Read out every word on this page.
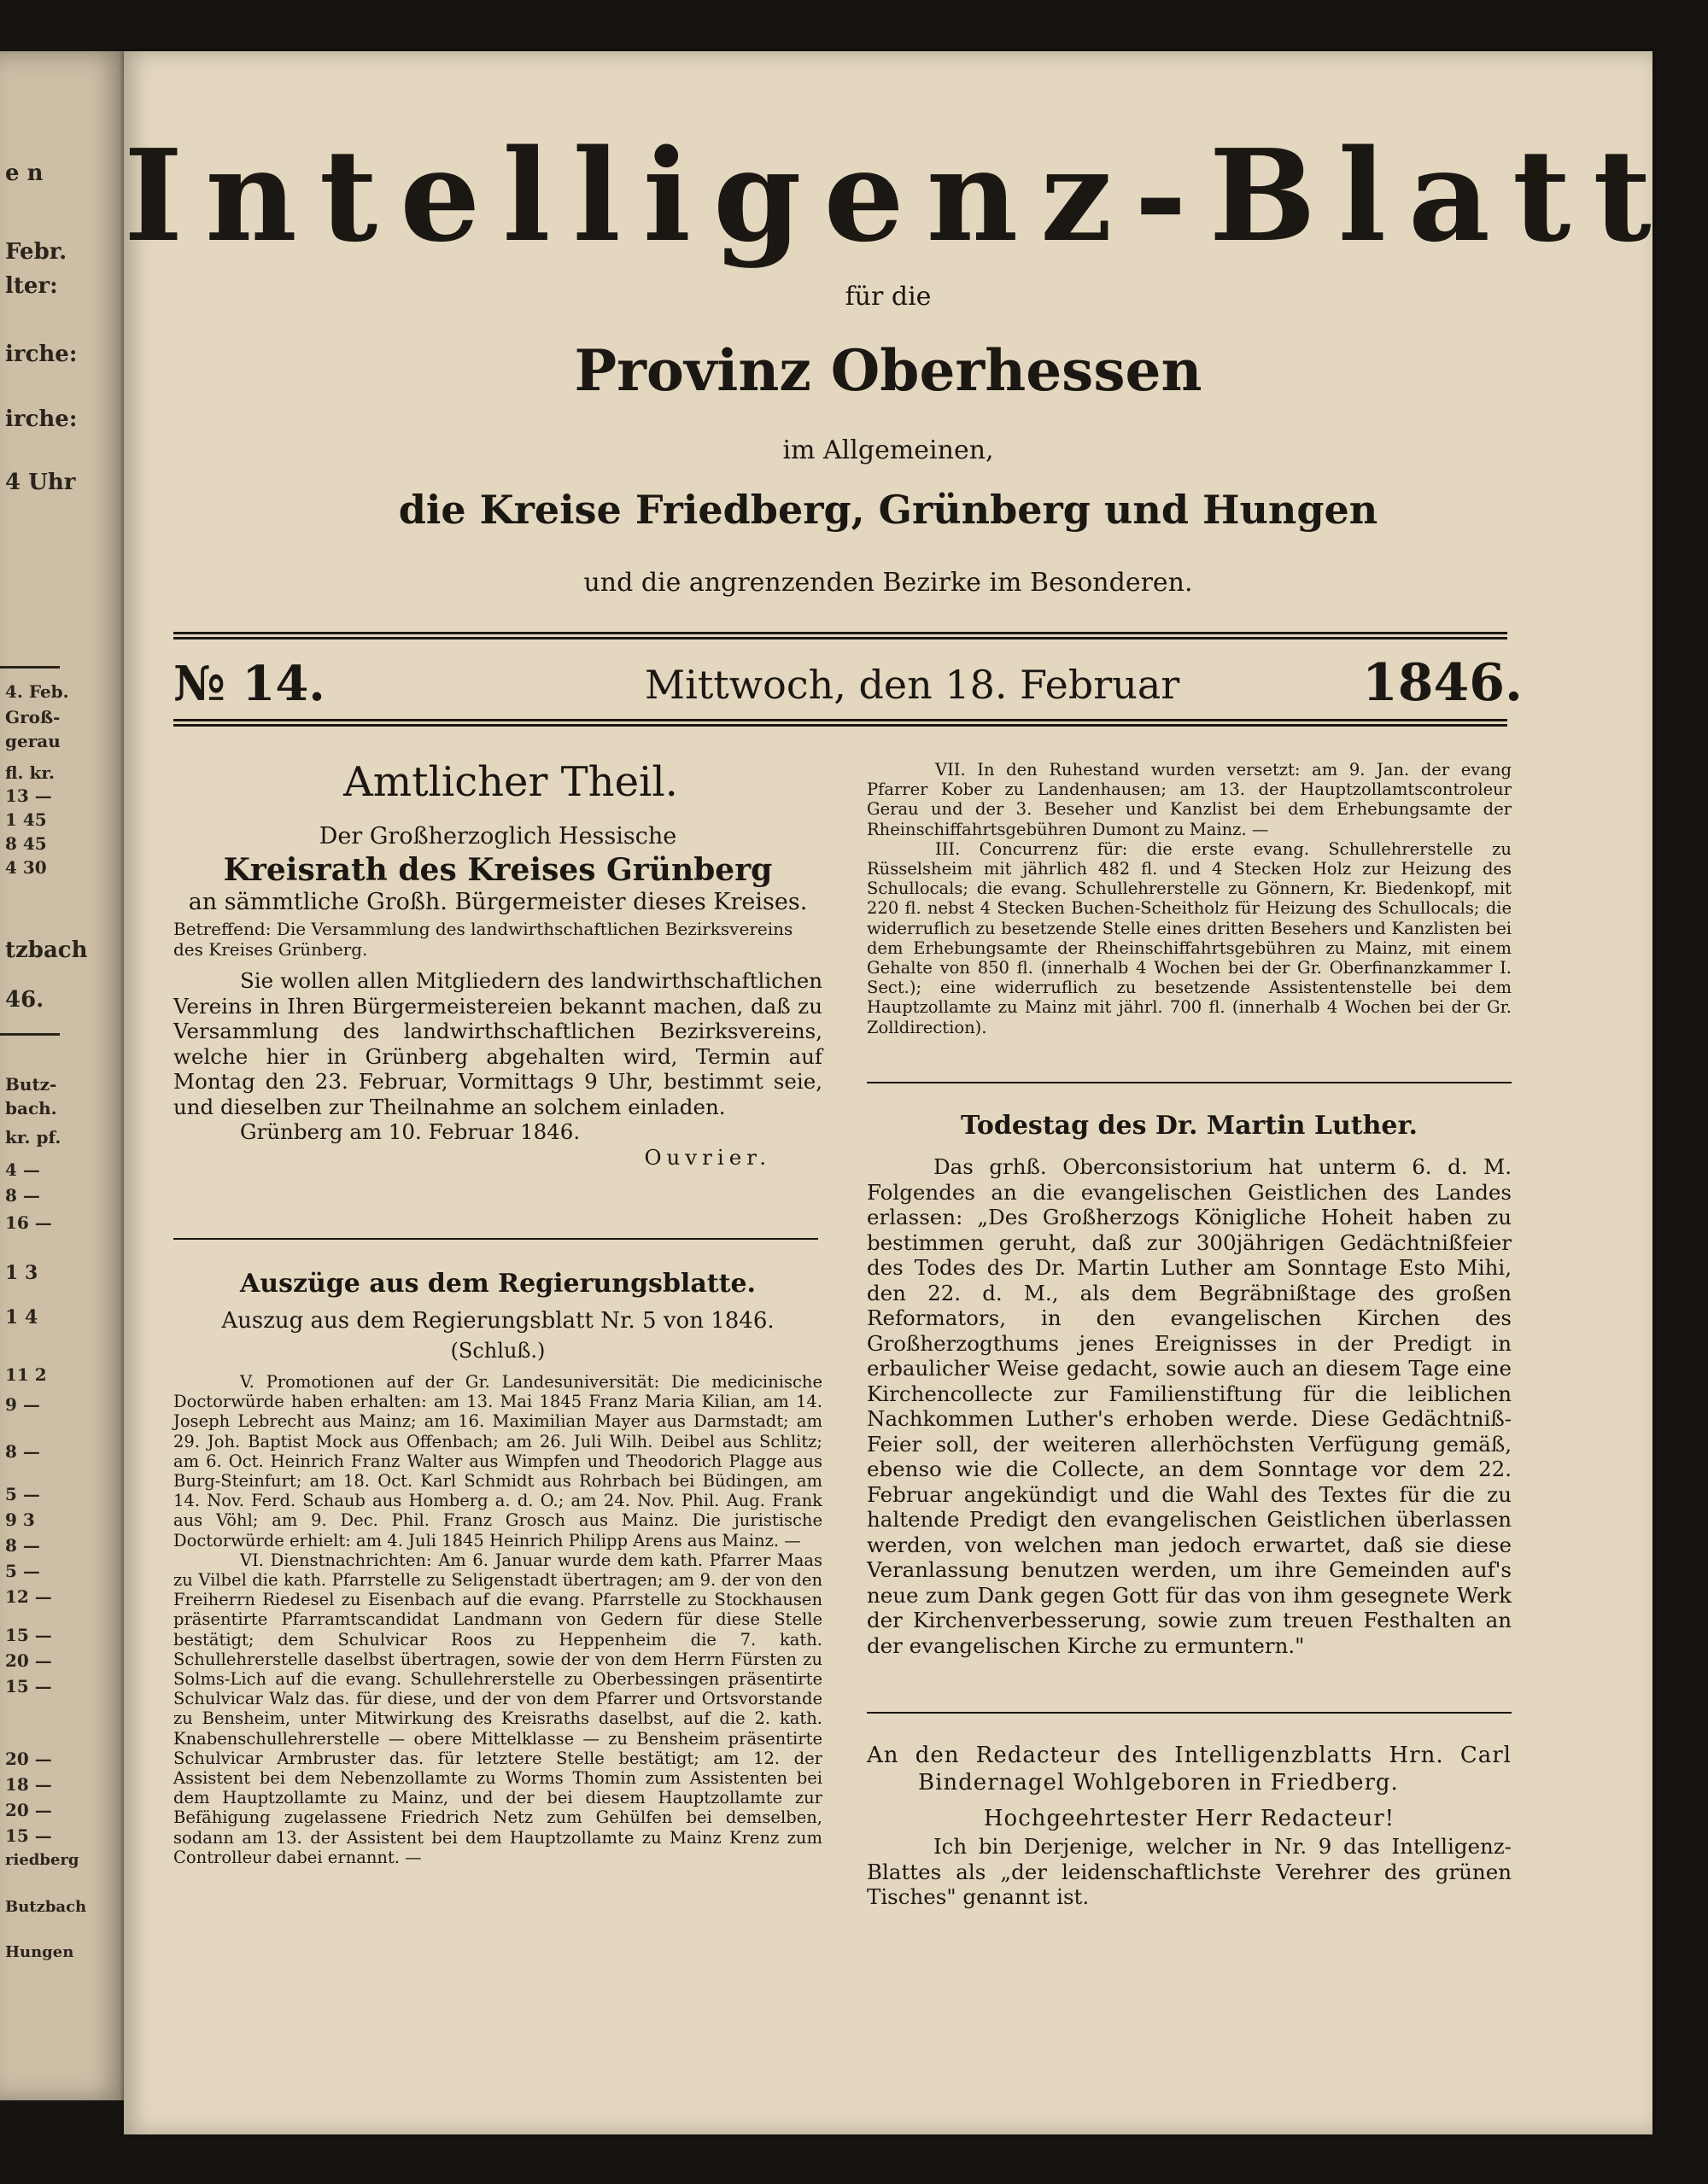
e n
Febr.
lter:
irche:
irche:
4 Uhr
4. Feb.
Groß-
gerau
fl. kr.
13 —
1 45
8 45
4 30
tzbach
46.
Butz-
bach.
kr. pf.
4 —
8 —
16 —
1 3
1 4
11 2
9 —
8 —
5 —
9 3
8 —
5 —
12 —
15 —
20 —
15 —
20 —
18 —
20 —
15 —
riedberg
Butzbach
Hungen
Intelligenz-Blatt
für die
Provinz Oberhessen
im Allgemeinen,
die Kreise Friedberg, Grünberg und Hungen
und die angrenzenden Bezirke im Besonderen.
№ 14.	Mittwoch, den 18. Februar	1846.
Amtlicher Theil.
Der Großherzoglich Hessische
Kreisrath des Kreises Grünberg
an sämmtliche Großh. Bürgermeister dieses Kreises.
Betreffend: Die Versammlung des landwirthschaftlichen Bezirksvereins des Kreises Grünberg.
Sie wollen allen Mitgliedern des landwirthschaftlichen Vereins in Ihren Bürgermeistereien bekannt machen, daß zu Versammlung des landwirthschaftlichen Bezirksvereins, welche hier in Grünberg abgehalten wird, Termin auf Montag den 23. Februar, Vormittags 9 Uhr, bestimmt seie, und dieselben zur Theilnahme an solchem einladen.
Grünberg am 10. Februar 1846.
Ouvrier.
Auszüge aus dem Regierungsblatte.
Auszug aus dem Regierungsblatt Nr. 5 von 1846.
(Schluß.)
V. Promotionen auf der Gr. Landesuniversität: Die medicinische Doctorwürde haben erhalten: am 13. Mai 1845 Franz Maria Kilian, am 14. Joseph Lebrecht aus Mainz; am 16. Maximilian Mayer aus Darmstadt; am 29. Joh. Baptist Mock aus Offenbach; am 26. Juli Wilh. Deibel aus Schlitz; am 6. Oct. Heinrich Franz Walter aus Wimpfen und Theodorich Plagge aus Burg-Steinfurt; am 18. Oct. Karl Schmidt aus Rohrbach bei Büdingen, am 14. Nov. Ferd. Schaub aus Homberg a. d. O.; am 24. Nov. Phil. Aug. Frank aus Vöhl; am 9. Dec. Phil. Franz Grosch aus Mainz. Die juristische Doctorwürde erhielt: am 4. Juli 1845 Heinrich Philipp Arens aus Mainz. —
VI. Dienstnachrichten: Am 6. Januar wurde dem kath. Pfarrer Maas zu Vilbel die kath. Pfarrstelle zu Seligenstadt übertragen; am 9. der von den Freiherrn Riedesel zu Eisenbach auf die evang. Pfarrstelle zu Stockhausen präsentirte Pfarramtscandidat Landmann von Gedern für diese Stelle bestätigt; dem Schulvicar Roos zu Heppenheim die 7. kath. Schullehrerstelle daselbst übertragen, sowie der von dem Herrn Fürsten zu Solms-Lich auf die evang. Schullehrerstelle zu Oberbessingen präsentirte Schulvicar Walz das. für diese, und der von dem Pfarrer und Ortsvorstande zu Bensheim, unter Mitwirkung des Kreisraths daselbst, auf die 2. kath. Knabenschullehrerstelle — obere Mittelklasse — zu Bensheim präsentirte Schulvicar Armbruster das. für letztere Stelle bestätigt; am 12. der Assistent bei dem Nebenzollamte zu Worms Thomin zum Assistenten bei dem Hauptzollamte zu Mainz, und der bei diesem Hauptzollamte zur Befähigung zugelassene Friedrich Netz zum Gehülfen bei demselben, sodann am 13. der Assistent bei dem Hauptzollamte zu Mainz Krenz zum Controlleur dabei ernannt. —
VII. In den Ruhestand wurden versetzt: am 9. Jan. der evang Pfarrer Kober zu Landenhausen; am 13. der Hauptzollamtscontroleur Gerau und der 3. Beseher und Kanzlist bei dem Erhebungsamte der Rheinschiffahrtsgebühren Dumont zu Mainz. —
III. Concurrenz für: die erste evang. Schullehrerstelle zu Rüsselsheim mit jährlich 482 fl. und 4 Stecken Holz zur Heizung des Schullocals; die evang. Schullehrerstelle zu Gönnern, Kr. Biedenkopf, mit 220 fl. nebst 4 Stecken Buchen-Scheitholz für Heizung des Schullocals; die widerruflich zu besetzende Stelle eines dritten Besehers und Kanzlisten bei dem Erhebungsamte der Rheinschiffahrtsgebühren zu Mainz, mit einem Gehalte von 850 fl. (innerhalb 4 Wochen bei der Gr. Oberfinanzkammer I. Sect.); eine widerruflich zu besetzende Assistentenstelle bei dem Hauptzollamte zu Mainz mit jährl. 700 fl. (innerhalb 4 Wochen bei der Gr. Zolldirection).
Todestag des Dr. Martin Luther.
Das grhß. Oberconsistorium hat unterm 6. d. M. Folgendes an die evangelischen Geistlichen des Landes erlassen: „Des Großherzogs Königliche Hoheit haben zu bestimmen geruht, daß zur 300jährigen Gedächtnißfeier des Todes des Dr. Martin Luther am Sonntage Esto Mihi, den 22. d. M., als dem Begräbnißtage des großen Reformators, in den evangelischen Kirchen des Großherzogthums jenes Ereignisses in der Predigt in erbaulicher Weise gedacht, sowie auch an diesem Tage eine Kirchencollecte zur Familienstiftung für die leiblichen Nachkommen Luther's erhoben werde. Diese Gedächtniß-Feier soll, der weiteren allerhöchsten Verfügung gemäß, ebenso wie die Collecte, an dem Sonntage vor dem 22. Februar angekündigt und die Wahl des Textes für die zu haltende Predigt den evangelischen Geistlichen überlassen werden, von welchen man jedoch erwartet, daß sie diese Veranlassung benutzen werden, um ihre Gemeinden auf's neue zum Dank gegen Gott für das von ihm gesegnete Werk der Kirchenverbesserung, sowie zum treuen Festhalten an der evangelischen Kirche zu ermuntern."
An den Redacteur des Intelligenzblatts Hrn. Carl Bindernagel Wohlgeboren in Friedberg.
Hochgeehrtester Herr Redacteur!
Ich bin Derjenige, welcher in Nr. 9 das Intelligenz-Blattes als „der leidenschaftlichste Verehrer des grünen Tisches" genannt ist.
